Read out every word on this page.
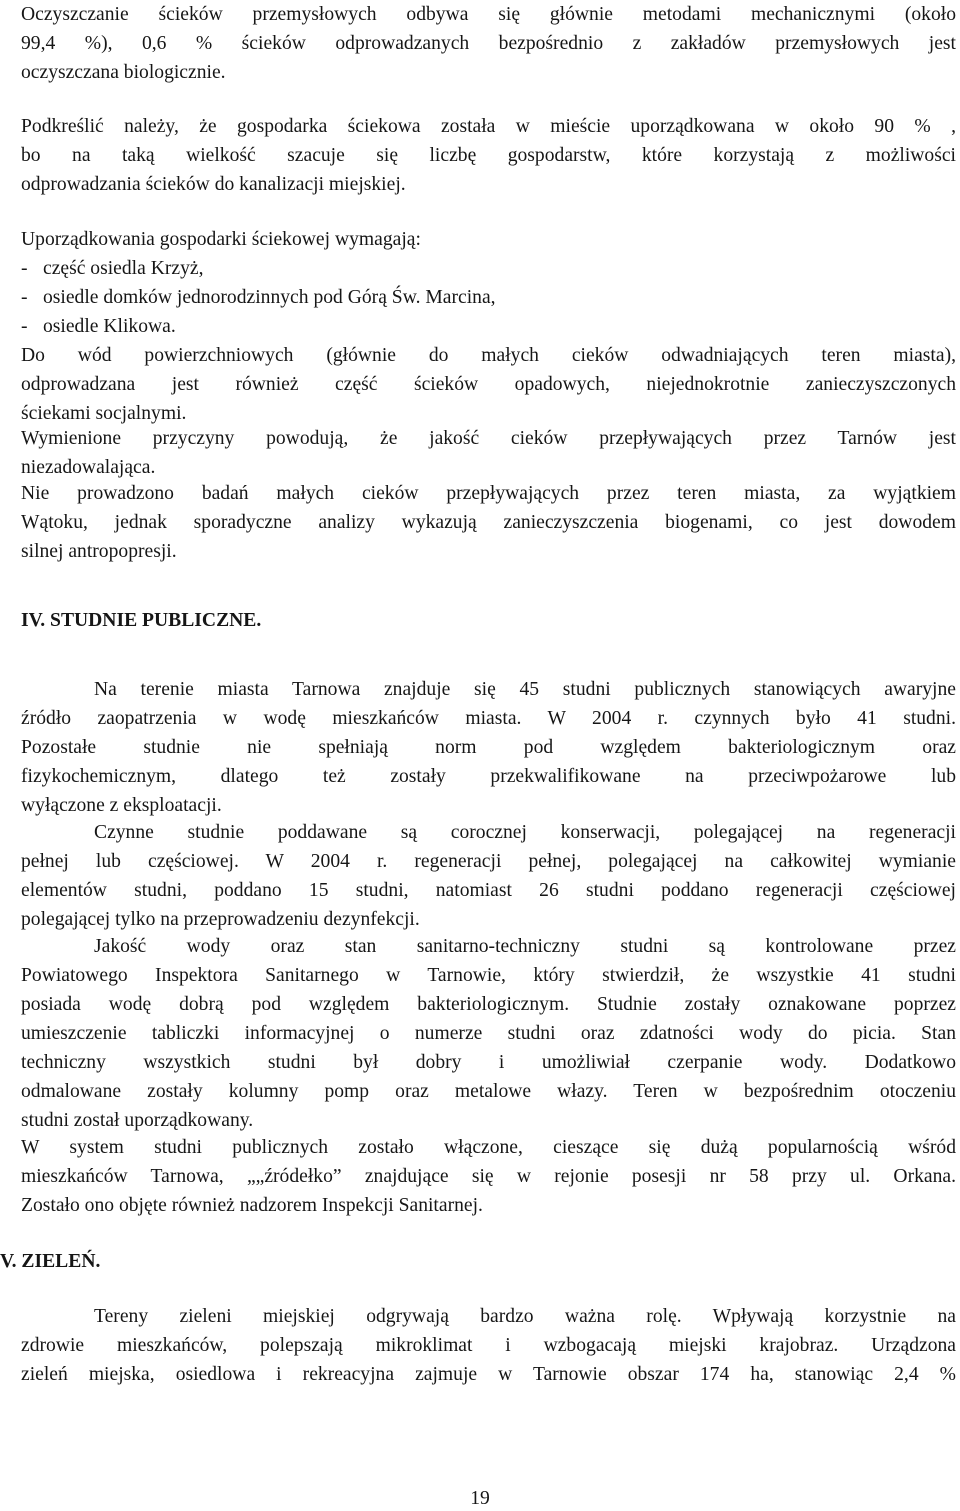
Oczyszczanie ścieków przemysłowych odbywa się głównie metodami mechanicznymi (około
99,4 %), 0,6 % ścieków odprowadzanych bezpośrednio z zakładów przemysłowych jest
oczyszczana biologicznie.
Podkreślić należy, że gospodarka ściekowa została w mieście uporządkowana w około 90 % ,
bo na taką wielkość szacuje się liczbę gospodarstw, które korzystają z możliwości
odprowadzania ścieków do kanalizacji miejskiej.
Uporządkowania gospodarki ściekowej wymagają:
- część osiedla Krzyż,
- osiedle domków jednorodzinnych pod Górą Św. Marcina,
- osiedle Klikowa.
Do wód powierzchniowych (głównie do małych cieków odwadniających teren miasta),
odprowadzana jest również część ścieków opadowych, niejednokrotnie zanieczyszczonych
ściekami socjalnymi.
Wymienione przyczyny powodują, że jakość cieków przepływających przez Tarnów jest
niezadowalająca.
Nie prowadzono badań małych cieków przepływających przez teren miasta, za wyjątkiem
Wątoku, jednak sporadyczne analizy wykazują zanieczyszczenia biogenami, co jest dowodem
silnej antropopresji.
IV. STUDNIE PUBLICZNE.
Na terenie miasta Tarnowa znajduje się 45 studni publicznych stanowiących awaryjne
źródło zaopatrzenia w wodę mieszkańców miasta. W 2004 r. czynnych było 41 studni.
Pozostałe studnie nie spełniają norm pod względem bakteriologicznym oraz
fizykochemicznym, dlatego też zostały przekwalifikowane na przeciwpożarowe lub
wyłączone z eksploatacji.
Czynne studnie poddawane są corocznej konserwacji, polegającej na regeneracji
pełnej lub częściowej. W 2004 r. regeneracji pełnej, polegającej na całkowitej wymianie
elementów studni, poddano 15 studni, natomiast 26 studni poddano regeneracji częściowej
polegającej tylko na przeprowadzeniu dezynfekcji.
Jakość wody oraz stan sanitarno-techniczny studni są kontrolowane przez
Powiatowego Inspektora Sanitarnego w Tarnowie, który stwierdził, że wszystkie 41 studni
posiada wodę dobrą pod względem bakteriologicznym. Studnie zostały oznakowane poprzez
umieszczenie tabliczki informacyjnej o numerze studni oraz zdatności wody do picia. Stan
techniczny wszystkich studni był dobry i umożliwiał czerpanie wody. Dodatkowo
odmalowane zostały kolumny pomp oraz metalowe włazy. Teren w bezpośrednim otoczeniu
studni został uporządkowany.
W system studni publicznych zostało włączone, cieszące się dużą popularnością wśród
mieszkańców Tarnowa, „„źródełko” znajdujące się w rejonie posesji nr 58 przy ul. Orkana.
Zostało ono objęte również nadzorem Inspekcji Sanitarnej.
V. ZIELEŃ.
Tereny zieleni miejskiej odgrywają bardzo ważna rolę. Wpływają korzystnie na
zdrowie mieszkańców, polepszają mikroklimat i wzbogacają miejski krajobraz. Urządzona
zieleń miejska, osiedlowa i rekreacyjna zajmuje w Tarnowie obszar 174 ha, stanowiąc 2,4 %
19
